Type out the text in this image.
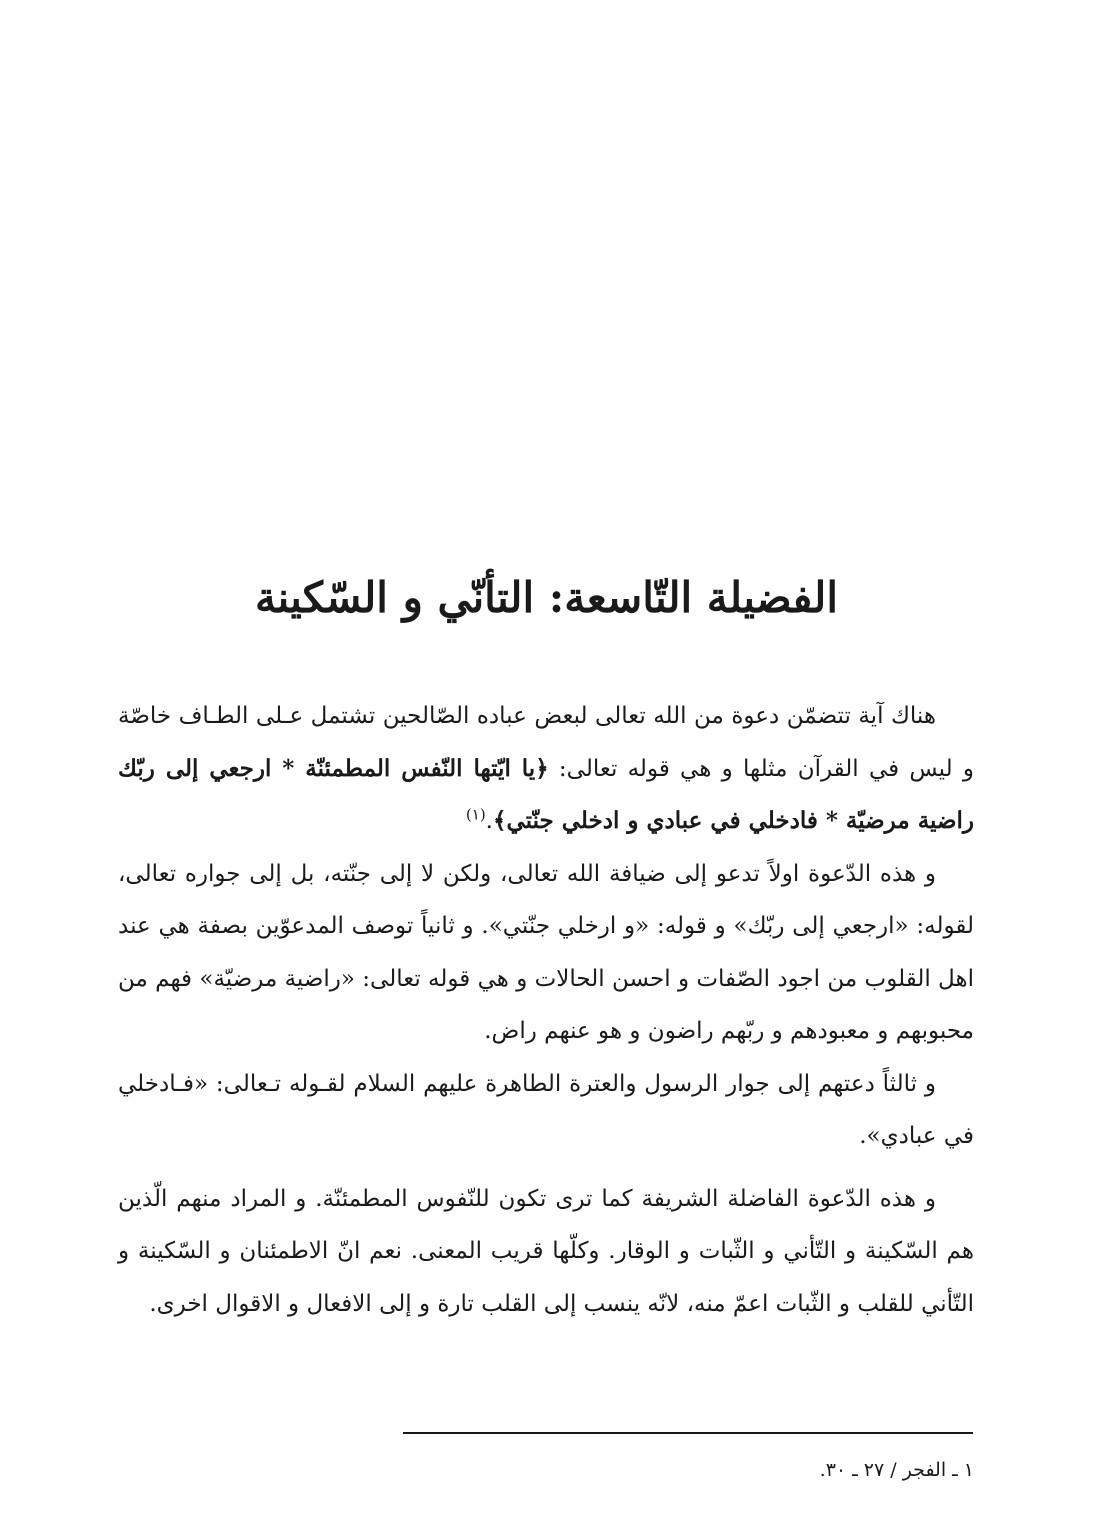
الفضيلة التّاسعة: التأنّي و السّكينة

هناك آية تتضمّن دعوة من الله تعالى لبعض عباده الصّالحين تشتمل عـلى الطـاف خاصّة و ليس في القرآن مثلها و هي قوله تعالى: ﴿يا ايّتها النّفس المطمئنّة * ارجعي إلى ربّك راضية مرضيّة * فادخلي في عبادي و ادخلي جنّتي﴾.$^{(١)}$

و هذه الدّعوة اولاً تدعو إلى ضيافة الله تعالى، ولكن لا إلى جنّته، بل إلى جواره تعالى، لقوله: «ارجعي إلى ربّك» و قوله: «و ارخلي جنّتي». و ثانياً توصف المدعوّين بصفة هي عند اهل القلوب من اجود الصّفات و احسن الحالات و هي قوله تعالى: «راضية مرضيّة» فهم من محبوبهم و معبودهم و ربّهم راضون و هو عنهم راض.

و ثالثاً دعتهم إلى جوار الرسول والعترة الطاهرة عليهم السلام لقـوله تـعالى: «فـادخلي في عبادي».

و هذه الدّعوة الفاضلة الشريفة كما ترى تكون للنّفوس المطمئنّة. و المراد منهم الّذين هم السّكينة و التّأني و الثّبات و الوقار. وكلّها قريب المعنى. نعم انّ الاطمئنان و السّكينة و التّأني للقلب و الثّبات اعمّ منه، لانّه ينسب إلى القلب تارة و إلى الافعال و الاقوال اخرى.

١ ـ الفجر / ٢٧ ـ ٣٠.
